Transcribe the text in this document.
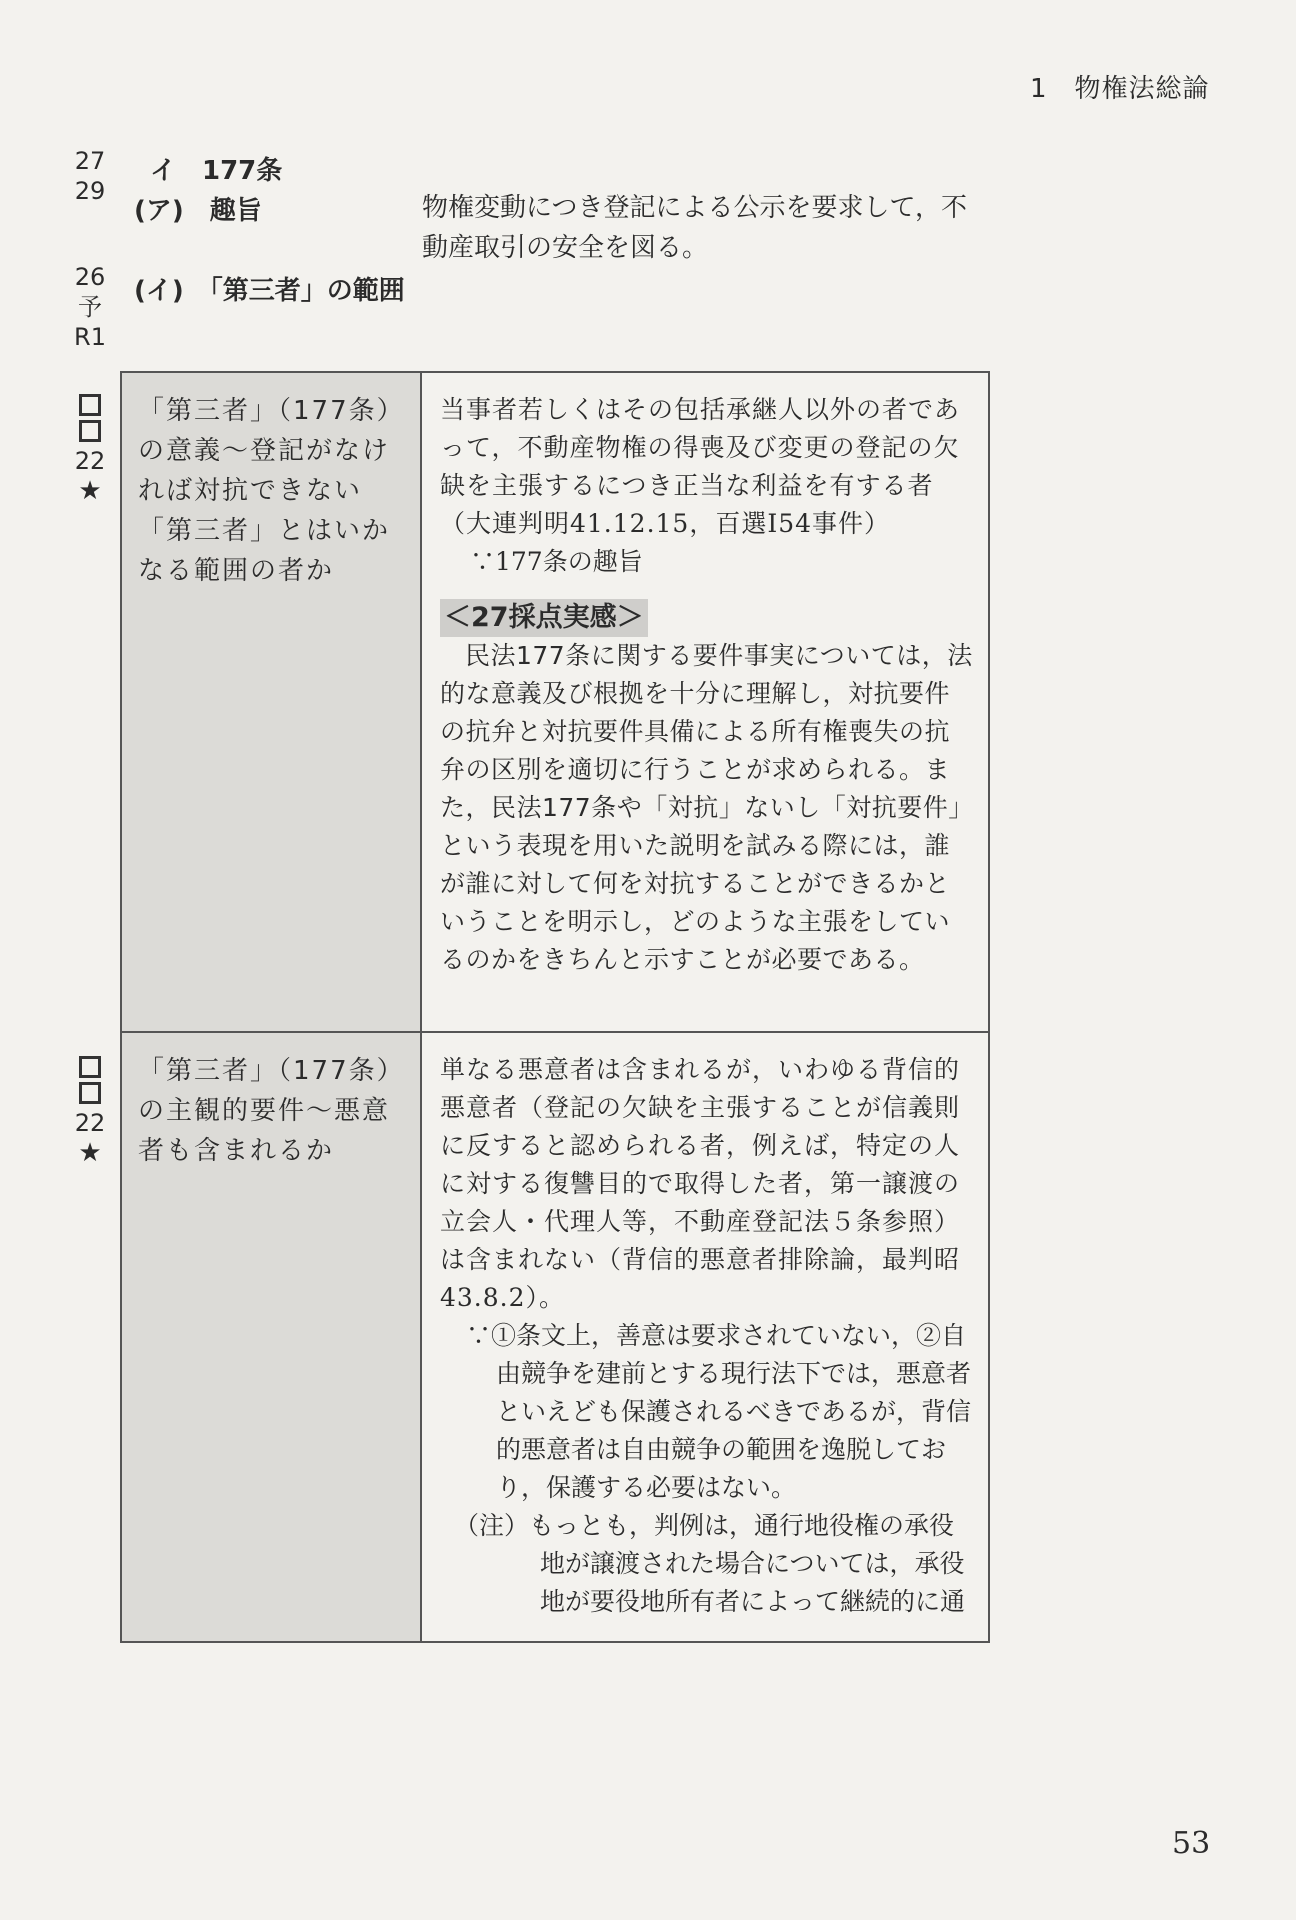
1　物権法総論
27
29
26
予
R1
イ　177条
(ア)　趣旨	物権変動につき登記による公示を要求して，不動産取引の安全を図る。
(イ)　「第三者」の範囲
22
★
22
★
「第三者」（177条）の意義～登記がなければ対抗できない「第三者」とはいかなる範囲の者か	当事者若しくはその包括承継人以外の者であって，不動産物権の得喪及び変更の登記の欠缺を主張するにつき正当な利益を有する者（大連判明41.12.15，百選Ⅰ54事件）
∵177条の趣旨
＜27採点実感＞
民法177条に関する要件事実については，法的な意義及び根拠を十分に理解し，対抗要件の抗弁と対抗要件具備による所有権喪失の抗弁の区別を適切に行うことが求められる。また，民法177条や「対抗」ないし「対抗要件」という表現を用いた説明を試みる際には，誰が誰に対して何を対抗することができるかということを明示し，どのような主張をしているのかをきちんと示すことが必要である。

「第三者」（177条）の主観的要件～悪意者も含まれるか	単なる悪意者は含まれるが，いわゆる背信的悪意者（登記の欠缺を主張することが信義則に反すると認められる者，例えば，特定の人に対する復讐目的で取得した者，第一譲渡の立会人・代理人等，不動産登記法５条参照）は含まれない（背信的悪意者排除論，最判昭43.8.2）。
∵①条文上，善意は要求されていない，②自由競争を建前とする現行法下では，悪意者といえども保護されるべきであるが，背信的悪意者は自由競争の範囲を逸脱しており，保護する必要はない。
（注）もっとも，判例は，通行地役権の承役地が譲渡された場合については，承役地が要役地所有者によって継続的に通
53
